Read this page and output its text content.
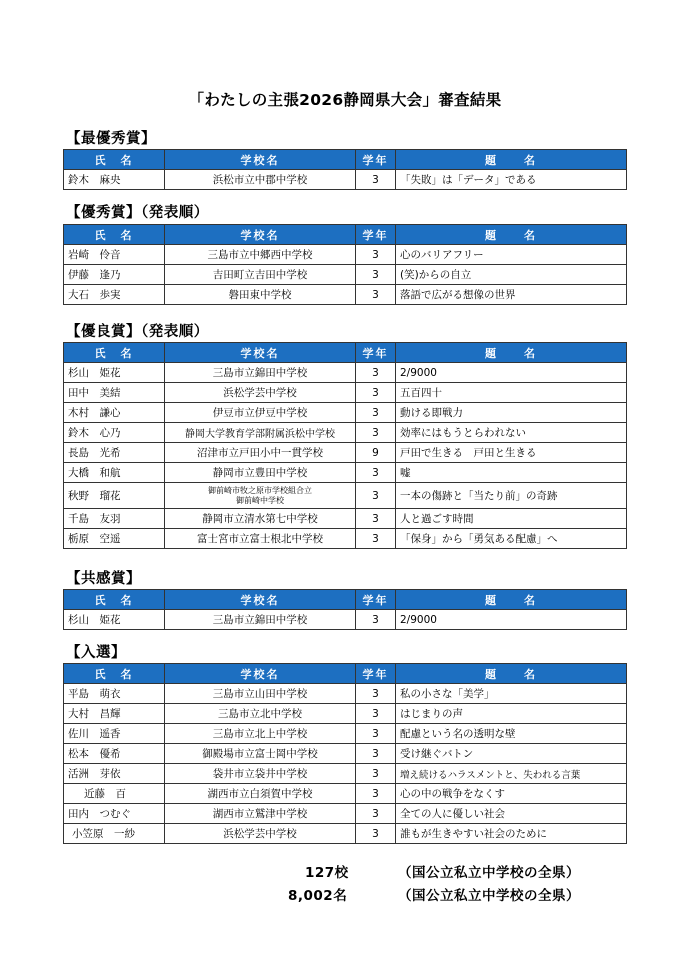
「わたしの主張2026静岡県大会」審査結果
【最優秀賞】
氏　名	学校名	学年	題　　名
鈴木　麻央	浜松市立中郡中学校	3	「失敗」は「データ」である
【優秀賞】（発表順）
氏　名	学校名	学年	題　　名
岩崎　伶音	三島市立中郷西中学校	3	心のバリアフリー
伊藤　逢乃	吉田町立吉田中学校	3	(笑)からの自立
大石　歩実	磐田東中学校	3	落語で広がる想像の世界
【優良賞】（発表順）
氏　名	学校名	学年	題　　名
杉山　姫花	三島市立錦田中学校	3	2/9000
田中　美結	浜松学芸中学校	3	五百四十
木村　謙心	伊豆市立伊豆中学校	3	動ける即戦力
鈴木　心乃	静岡大学教育学部附属浜松中学校	3	効率にはもうとらわれない
長島　光希	沼津市立戸田小中一貫学校	9	戸田で生きる　戸田と生きる
大橋　和航	静岡市立豊田中学校	3	嘘
秋野　瑠花	御前崎市牧之原市学校組合立
御前崎中学校	3	一本の傷跡と「当たり前」の奇跡
千島　友羽	静岡市立清水第七中学校	3	人と過ごす時間
栃原　空遥	富士宮市立富士根北中学校	3	「保身」から「勇気ある配慮」へ
【共感賞】
氏　名	学校名	学年	題　　名
杉山　姫花	三島市立錦田中学校	3	2/9000
【入選】
氏　名	学校名	学年	題　　名
平島　萌衣	三島市立山田中学校	3	私の小さな「美学」
大村　昌輝	三島市立北中学校	3	はじまりの声
佐川　遥香	三島市立北上中学校	3	配慮という名の透明な壁
松本　優希	御殿場市立富士岡中学校	3	受け継ぐバトン
活洲　芽依	袋井市立袋井中学校	3	増え続けるハラスメントと、失われる言葉
近藤　百	湖西市立白須賀中学校	3	心の中の戦争をなくす
田内　つむぐ	湖西市立鷲津中学校	3	全ての人に優しい社会
小笠原　一紗	浜松学芸中学校	3	誰もが生きやすい社会のために
127校	（国公立私立中学校の全県）
8,002名	（国公立私立中学校の全県）
